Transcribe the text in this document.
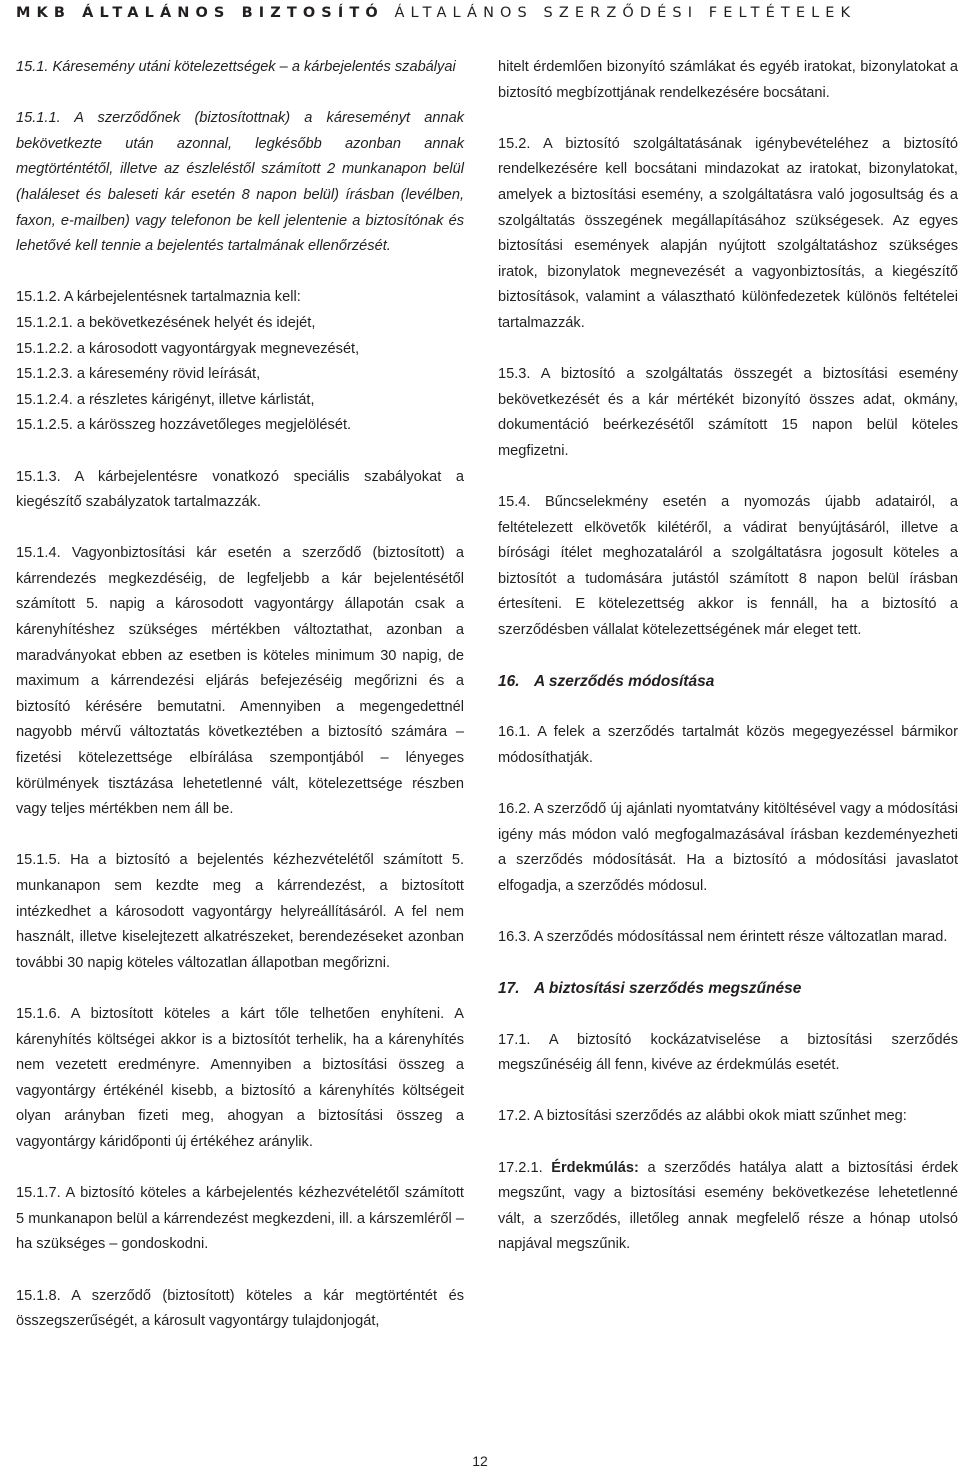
MKB ÁLTALÁNOS BIZTOSÍTÓ ÁLTALÁNOS SZERZŐDÉSI FELTÉTELEK

15.1. Káresemény utáni kötelezettségek – a kárbejelentés szabályai

15.1.1. A szerződőnek (biztosítottnak) a káreseményt annak bekövetkezte után azonnal, legkésőbb azonban annak megtörténtétől, illetve az észleléstől számított 2 munkanapon belül (haláleset és baleseti kár esetén 8 napon belül) írásban (levélben, faxon, e-mailben) vagy telefonon be kell jelentenie a biztosítónak és lehetővé kell tennie a bejelentés tartalmának ellenőrzését.

15.1.2. A kárbejelentésnek tartalmaznia kell:

15.1.2.1. a bekövetkezésének helyét és idejét,

15.1.2.2. a károsodott vagyontárgyak megnevezését,

15.1.2.3. a káresemény rövid leírását,

15.1.2.4. a részletes kárigényt, illetve kárlistát,

15.1.2.5. a kárösszeg hozzávetőleges megjelölését.

15.1.3. A kárbejelentésre vonatkozó speciális szabályokat a kiegészítő szabályzatok tartalmazzák.

15.1.4. Vagyonbiztosítási kár esetén a szerződő (biztosított) a kárrendezés megkezdéséig, de legfeljebb a kár bejelentésétől számított 5. napig a károsodott vagyontárgy állapotán csak a kárenyhítéshez szükséges mértékben változtathat, azonban a maradványokat ebben az esetben is köteles minimum 30 napig, de maximum a kárrendezési eljárás befejezéséig megőrizni és a biztosító kérésére bemutatni. Amennyiben a megengedettnél nagyobb mérvű változtatás következtében a biztosító számára – fizetési kötelezettsége elbírálása szempontjából – lényeges körülmények tisztázása lehetetlenné vált, kötelezettsége részben vagy teljes mértékben nem áll be.

15.1.5. Ha a biztosító a bejelentés kézhezvételétől számított 5. munkanapon sem kezdte meg a kárrendezést, a biztosított intézkedhet a károsodott vagyontárgy helyreállításáról. A fel nem használt, illetve kiselejtezett alkatrészeket, berendezéseket azonban további 30 napig köteles változatlan állapotban megőrizni.

15.1.6. A biztosított köteles a kárt tőle telhetően enyhíteni. A kárenyhítés költségei akkor is a biztosítót terhelik, ha a kárenyhítés nem vezetett eredményre. Amennyiben a biztosítási összeg a vagyontárgy értékénél kisebb, a biztosító a kárenyhítés költségeit olyan arányban fizeti meg, ahogyan a biztosítási összeg a vagyontárgy káridőponti új értékéhez aránylik.

15.1.7. A biztosító köteles a kárbejelentés kézhezvételétől számított 5 munkanapon belül a kárrendezést megkezdeni, ill. a kárszemléről – ha szükséges – gondoskodni.

15.1.8. A szerződő (biztosított) köteles a kár megtörténtét és összegszerűségét, a károsult vagyontárgy tulajdonjogát,

hitelt érdemlően bizonyító számlákat és egyéb iratokat, bizonylatokat a biztosító megbízottjának rendelkezésére bocsátani.

15.2. A biztosító szolgáltatásának igénybevételéhez a biztosító rendelkezésére kell bocsátani mindazokat az iratokat, bizonylatokat, amelyek a biztosítási esemény, a szolgáltatásra való jogosultság és a szolgáltatás összegének megállapításához szükségesek. Az egyes biztosítási események alapján nyújtott szolgáltatáshoz szükséges iratok, bizonylatok megnevezését a vagyonbiztosítás, a kiegészítő biztosítások, valamint a választható különfedezetek különös feltételei tartalmazzák.

15.3. A biztosító a szolgáltatás összegét a biztosítási esemény bekövetkezését és a kár mértékét bizonyító összes adat, okmány, dokumentáció beérkezésétől számított 15 napon belül köteles megfizetni.

15.4. Bűncselekmény esetén a nyomozás újabb adatairól, a feltételezett elkövetők kilétéről, a vádirat benyújtásáról, illetve a bírósági ítélet meghozataláról a szolgáltatásra jogosult köteles a biztosítót a tudomására jutástól számított 8 napon belül írásban értesíteni. E kötelezettség akkor is fennáll, ha a biztosító a szerződésben vállalat kötelezettségének már eleget tett.

16. A szerződés módosítása

16.1. A felek a szerződés tartalmát közös megegyezéssel bármikor módosíthatják.

16.2. A szerződő új ajánlati nyomtatvány kitöltésével vagy a módosítási igény más módon való megfogalmazásával írásban kezdeményezheti a szerződés módosítását. Ha a biztosító a módosítási javaslatot elfogadja, a szerződés módosul.

16.3. A szerződés módosítással nem érintett része változatlan marad.

17. A biztosítási szerződés megszűnése

17.1. A biztosító kockázatviselése a biztosítási szerződés megszűnéséig áll fenn, kivéve az érdekmúlás esetét.

17.2. A biztosítási szerződés az alábbi okok miatt szűnhet meg:

17.2.1. Érdekmúlás: a szerződés hatálya alatt a biztosítási érdek megszűnt, vagy a biztosítási esemény bekövetkezése lehetetlenné vált, a szerződés, illetőleg annak megfelelő része a hónap utolsó napjával megszűnik.

12
